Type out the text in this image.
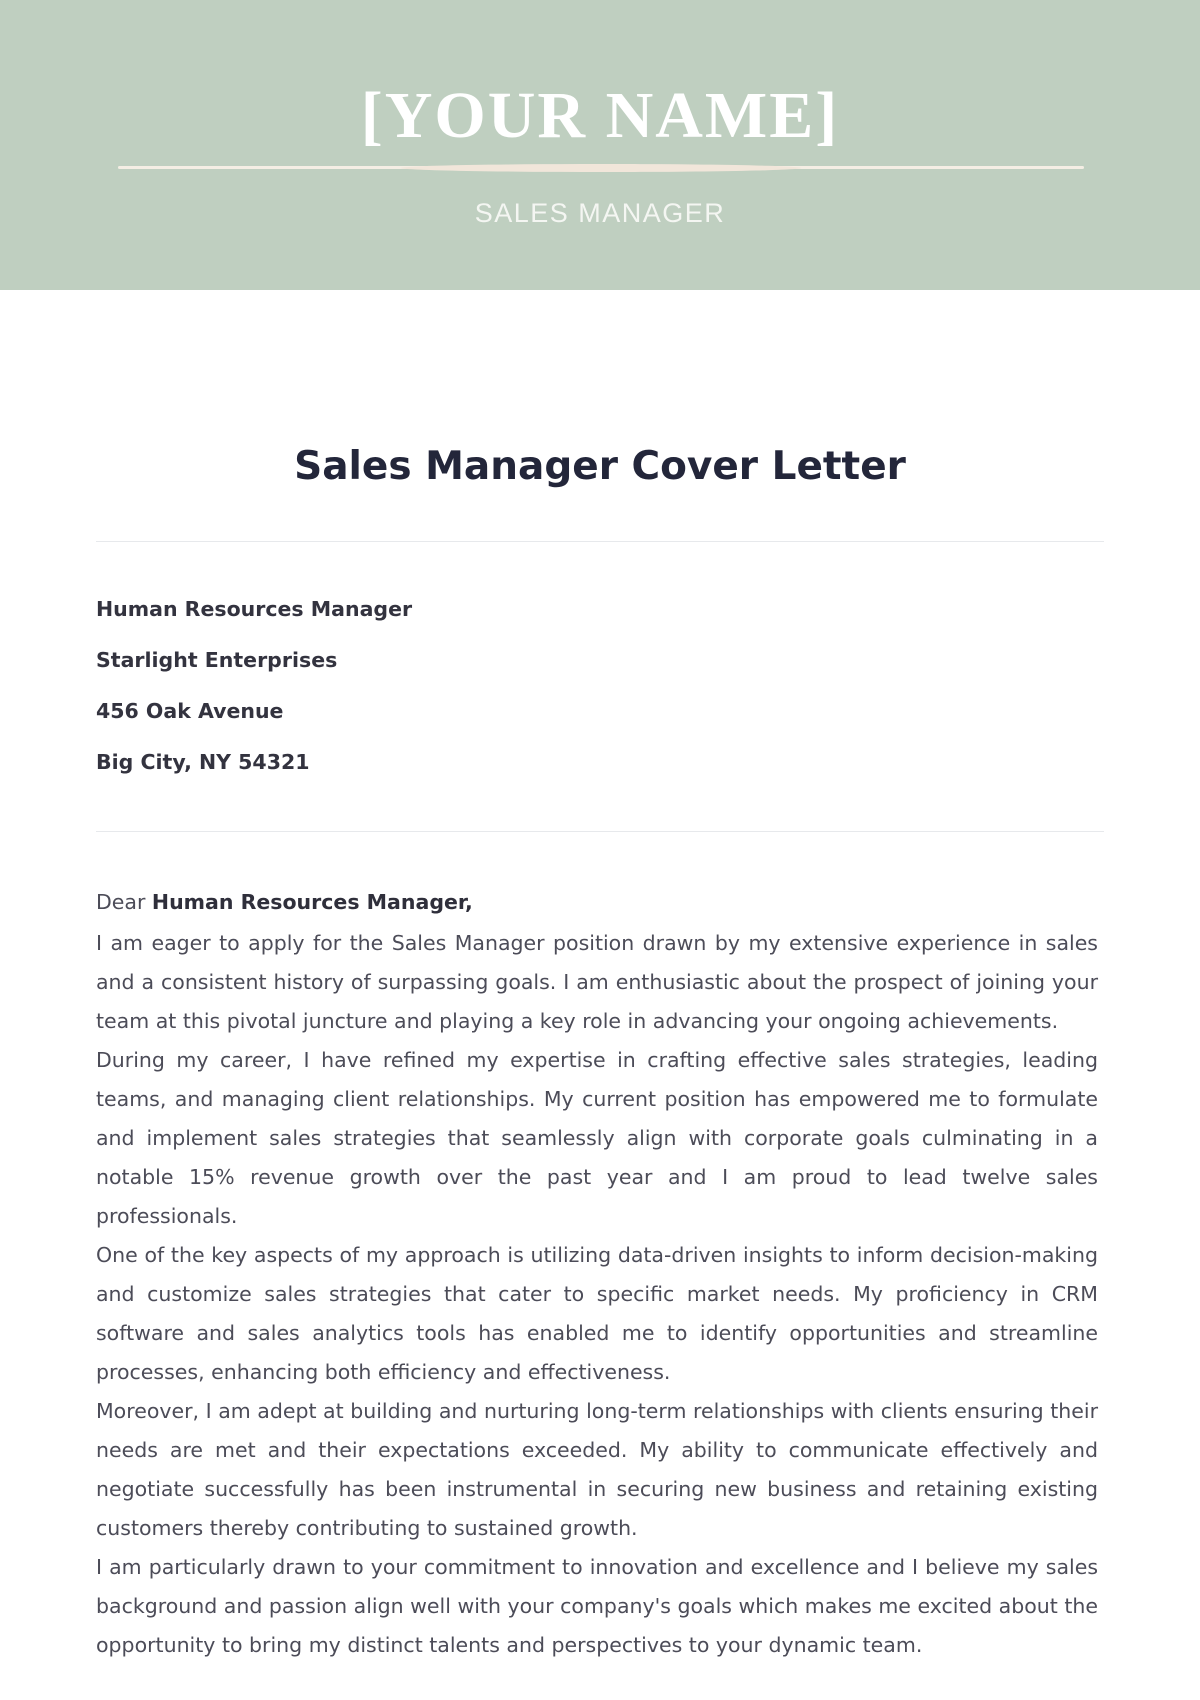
[YOUR NAME]
SALES MANAGER
Sales Manager Cover Letter
Human Resources Manager
Starlight Enterprises
456 Oak Avenue
Big City, NY 54321
Dear Human Resources Manager,

I am eager to apply for the Sales Manager position drawn by my extensive experience in sales and a consistent history of surpassing goals. I am enthusiastic about the prospect of joining your team at this pivotal juncture and playing a key role in advancing your ongoing achievements.

During my career, I have refined my expertise in crafting effective sales strategies, leading teams, and managing client relationships. My current position has empowered me to formulate and implement sales strategies that seamlessly align with corporate goals culminating in a notable 15% revenue growth over the past year and I am proud to lead twelve sales professionals.

One of the key aspects of my approach is utilizing data-driven insights to inform decision-making and customize sales strategies that cater to specific market needs. My proficiency in CRM software and sales analytics tools has enabled me to identify opportunities and streamline processes, enhancing both efficiency and effectiveness.

Moreover, I am adept at building and nurturing long-term relationships with clients ensuring their needs are met and their expectations exceeded. My ability to communicate effectively and negotiate successfully has been instrumental in securing new business and retaining existing customers thereby contributing to sustained growth.

I am particularly drawn to your commitment to innovation and excellence and I believe my sales background and passion align well with your company's goals which makes me excited about the opportunity to bring my distinct talents and perspectives to your dynamic team.
